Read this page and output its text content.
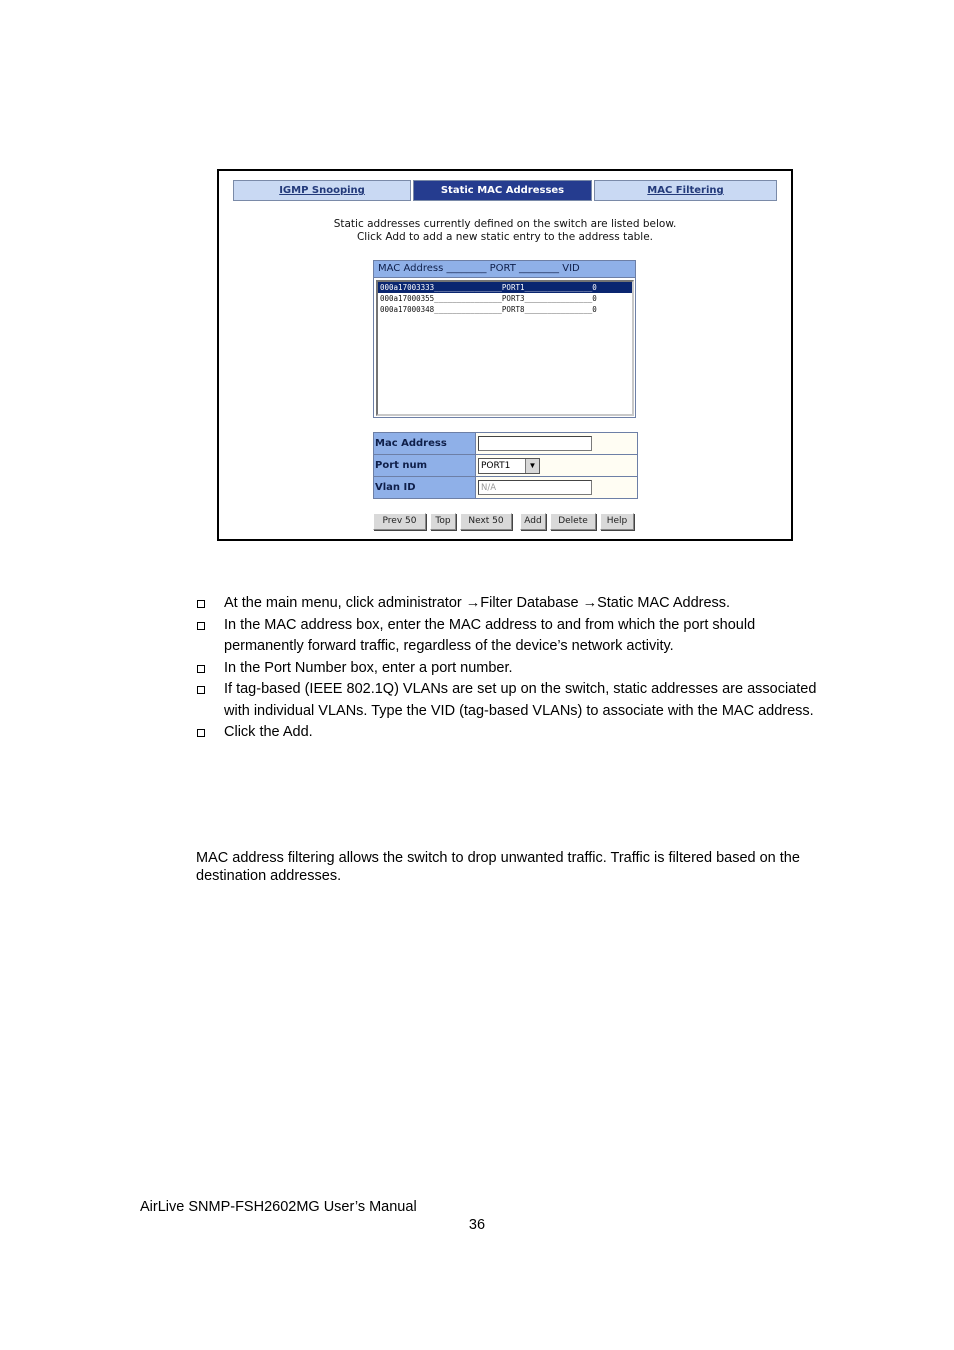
IGMP Snooping	Static MAC Addresses	MAC Filtering
Static addresses currently defined on the switch are listed below.
Click Add to add a new static entry to the address table.
MAC Address ________ PORT ________ VID
000a17003333_______________PORT1_______________0
000a17000355_______________PORT3_______________0
000a17000348_______________PORT8_______________0
Mac Address
Port num	PORT1	▼
Vlan ID	N/A
Prev 50	Top	Next 50	Add	Delete	Help
At the main menu, click administrator →Filter Database →Static MAC Address.
In the MAC address box, enter the MAC address to and from which the port should permanently forward traffic, regardless of the device’s network activity.
In the Port Number box, enter a port number.
If tag-based (IEEE 802.1Q) VLANs are set up on the switch, static addresses are associated with individual VLANs. Type the VID (tag-based VLANs) to associate with the MAC address.
Click the Add.
MAC address filtering allows the switch to drop unwanted traffic. Traffic is filtered based on the destination addresses.
AirLive SNMP-FSH2602MG User’s Manual
36
